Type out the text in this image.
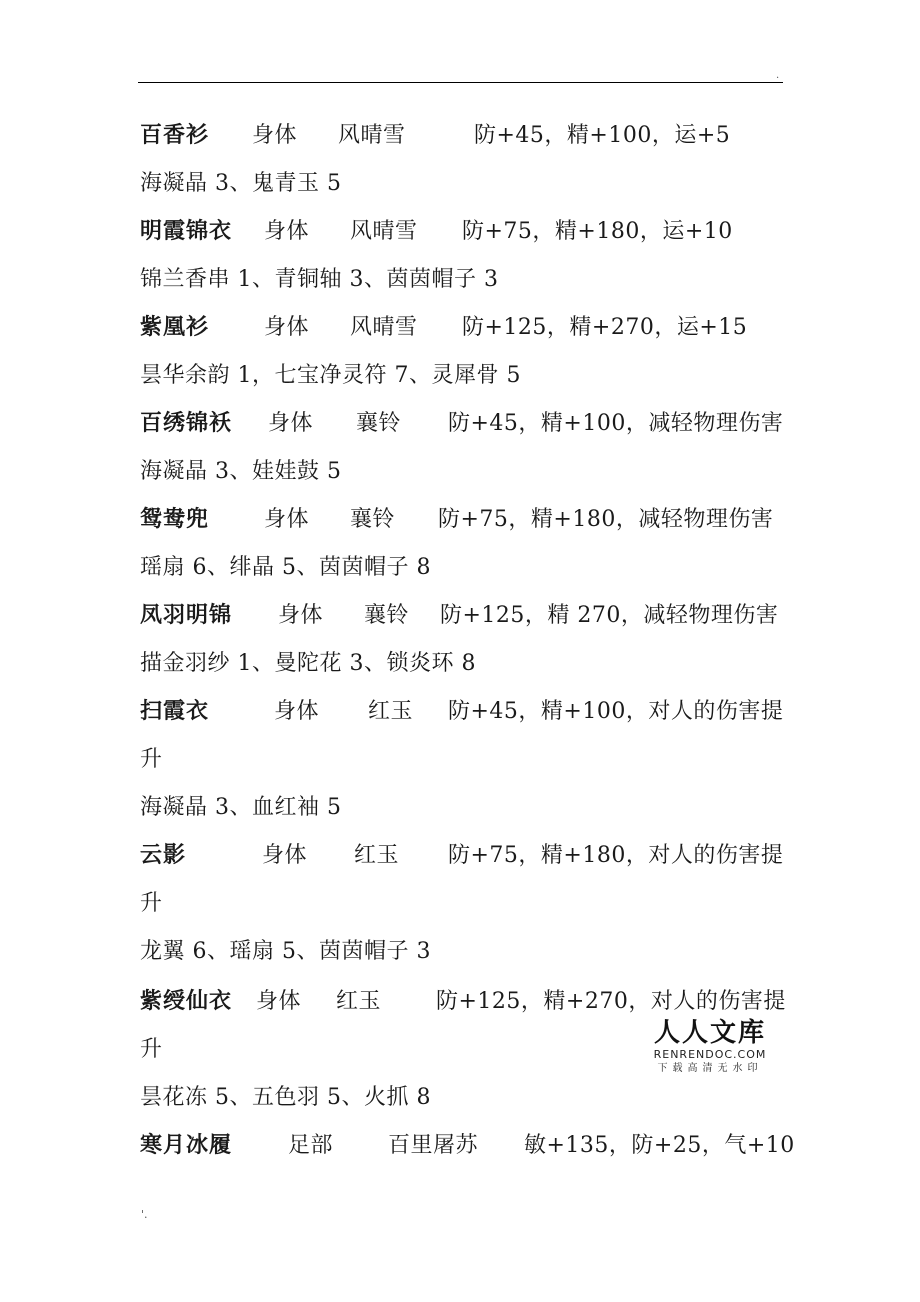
.
百香衫 身体 风晴雪	防+45，精+100，运+5
海凝晶 3、鬼青玉 5
明霞锦衣 身体 风晴雪 防+75，精+180，运+10
锦兰香串 1、青铜轴 3、茵茵帽子 3
紫凰衫 身体 风晴雪 防+125，精+270，运+15
昙华余韵 1，七宝净灵符 7、灵犀骨 5
百绣锦袄 身体 襄铃 防+45，精+100，减轻物理伤害
海凝晶 3、娃娃鼓 5
鸳鸯兜 身体 襄铃 防+75，精+180，减轻物理伤害
瑶扇 6、绯晶 5、茵茵帽子 8
凤羽明锦 身体 襄铃 防+125，精 270，减轻物理伤害
描金羽纱 1、曼陀花 3、锁炎环 8
扫霞衣	身体 红玉 防+45，精+100，对人的伤害提
升
海凝晶 3、血红袖 5
云影	身体 红玉 防+75，精+180，对人的伤害提
升
龙翼 6、瑶扇 5、茵茵帽子 3
紫绶仙衣 身体 红玉 防+125，精+270，对人的伤害提
升
昙花冻 5、五色羽 5、火抓 8
寒月冰履	足部 百里屠苏 敏+135，防+25，气+10
人人文库
RENRENDOC.COM
下载高清无水印
'.
